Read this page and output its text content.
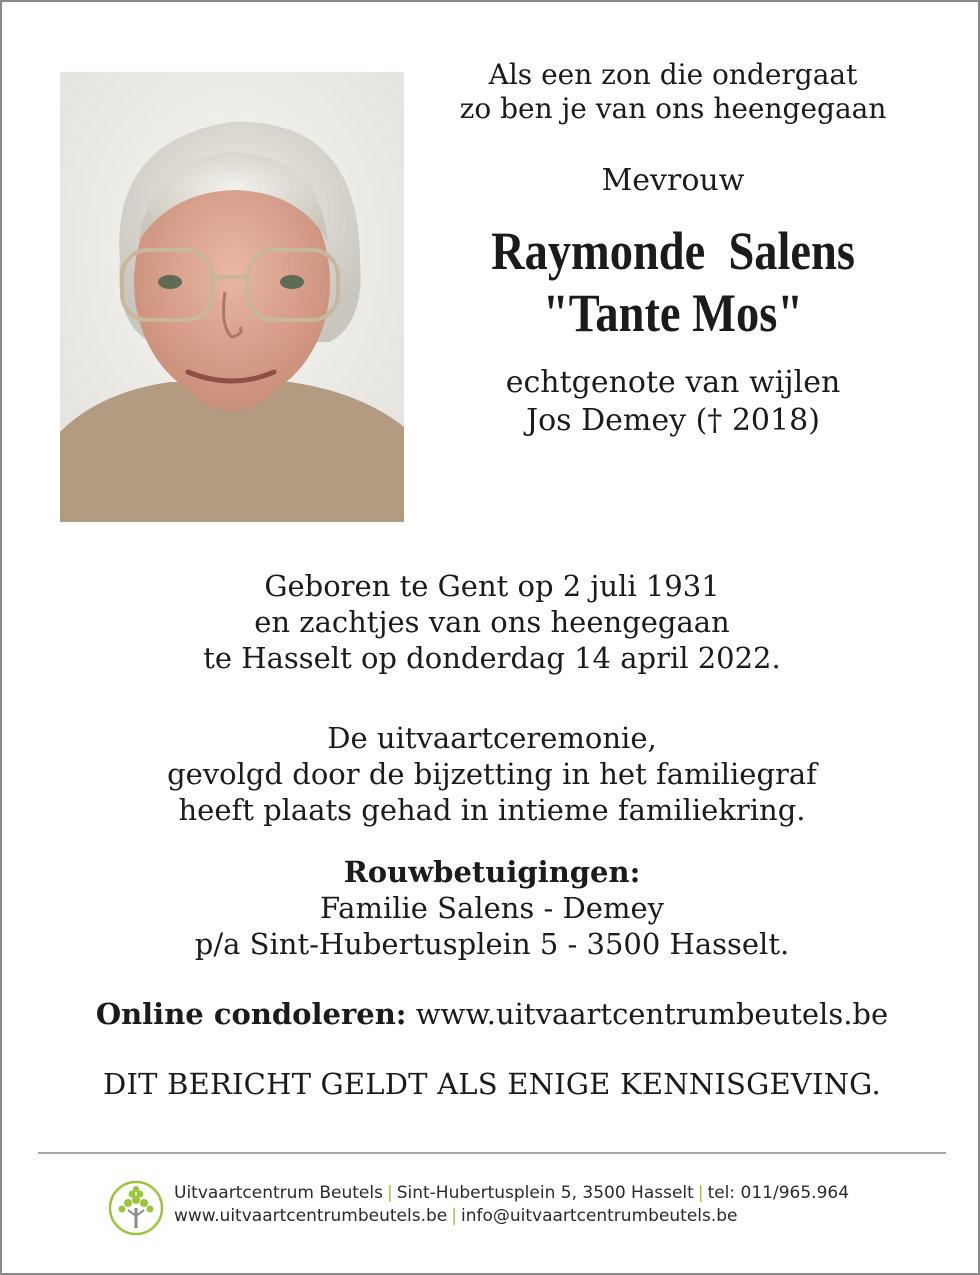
Als een zon die ondergaat
zo ben je van ons heengegaan

Mevrouw

Raymonde  Salens
"Tante Mos"

echtgenote van wijlen
Jos Demey († 2018)

Geboren te Gent op 2 juli 1931
en zachtjes van ons heengegaan
te Hasselt op donderdag 14 april 2022.
De uitvaartceremonie,
gevolgd door de bijzetting in het familiegraf
heeft plaats gehad in intieme familiekring.
Rouwbetuigingen:
Familie Salens - Demey
p/a Sint-Hubertusplein 5 - 3500 Hasselt.
Online condoleren: www.uitvaartcentrumbeutels.be
DIT BERICHT GELDT ALS ENIGE KENNISGEVING.
Uitvaartcentrum Beutels | Sint-Hubertusplein 5, 3500 Hasselt | tel: 011/965.964
www.uitvaartcentrumbeutels.be | info@uitvaartcentrumbeutels.be
